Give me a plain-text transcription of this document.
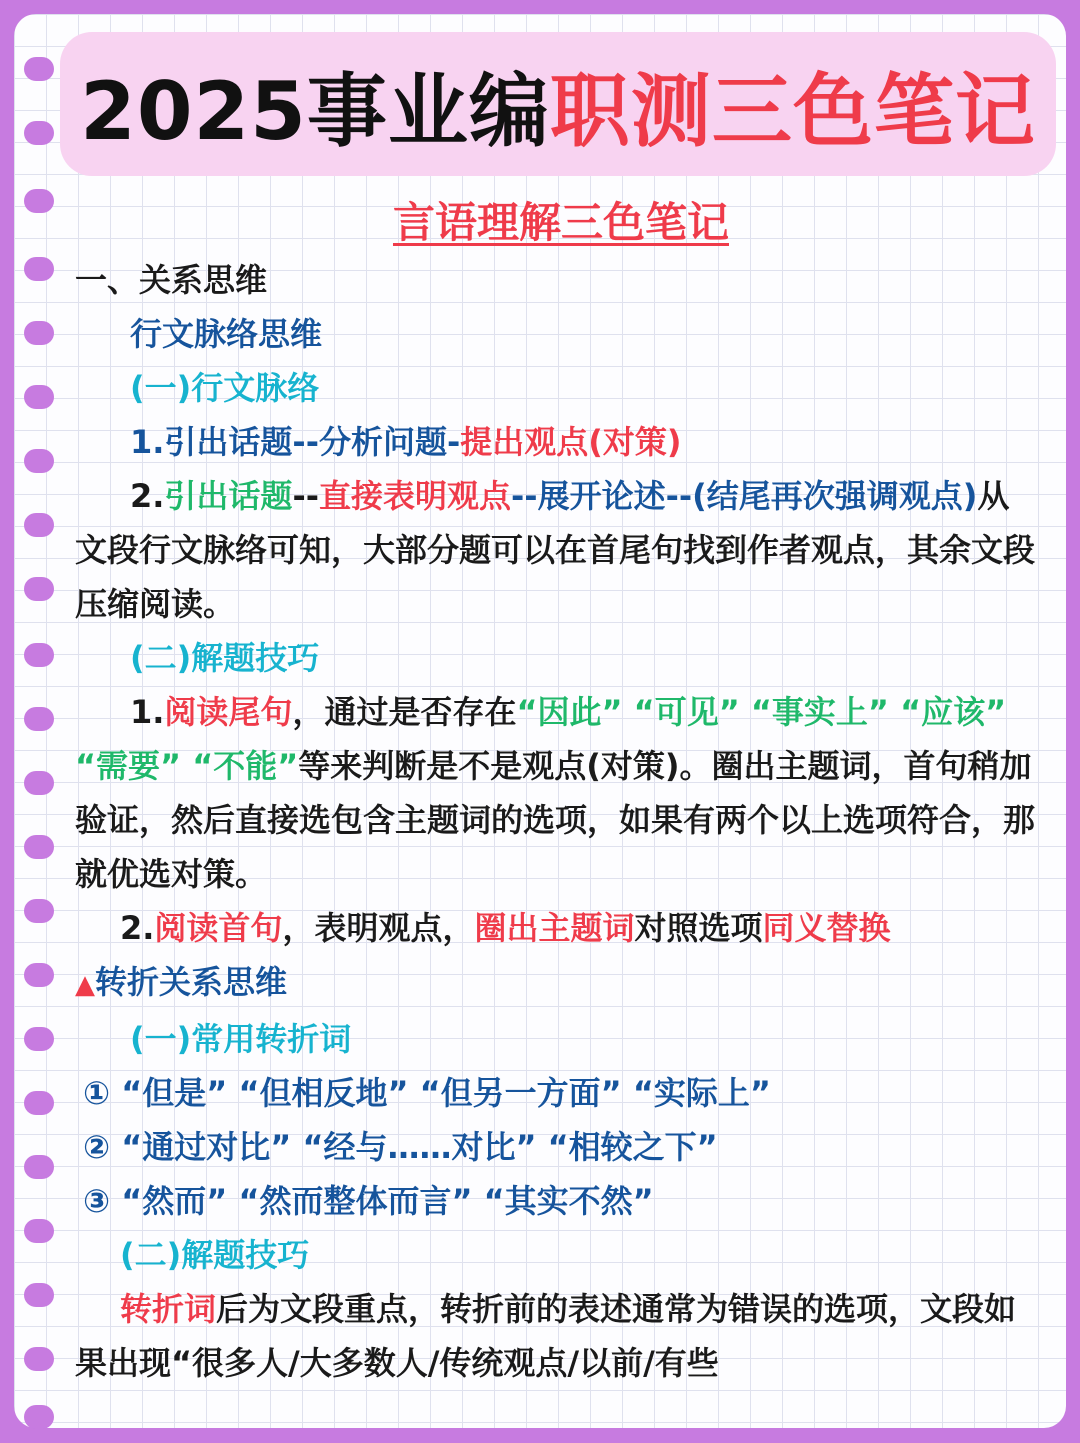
2025事业编 职测三色笔记
言语理解三色笔记

一、关系思维

行文脉络思维

(一)行文脉络

1.引出话题--分析问题-提出观点(对策)

2.引出话题--直接表明观点--展开论述--(结尾再次强调观点)从文段行文脉络可知，大部分题可以在首尾句找到作者观点，其余文段压缩阅读。

(二)解题技巧

1.阅读尾句，通过是否存在“因此” “可见” “事实上” “应该” “需要” “不能”等来判断是不是观点(对策)。圈出主题词，首句稍加验证，然后直接选包含主题词的选项，如果有两个以上选项符合，那就优选对策。

2.阅读首句，表明观点，圈出主题词对照选项同义替换

▲转折关系思维

(一)常用转折词

① “但是” “但相反地” “但另一方面” “实际上”

② “通过对比” “经与……对比” “相较之下”

③ “然而” “然而整体而言” “其实不然”

(二)解题技巧

转折词后为文段重点，转折前的表述通常为错误的选项，文段如果出现“很多人/大多数人/传统观点/以前/有些
